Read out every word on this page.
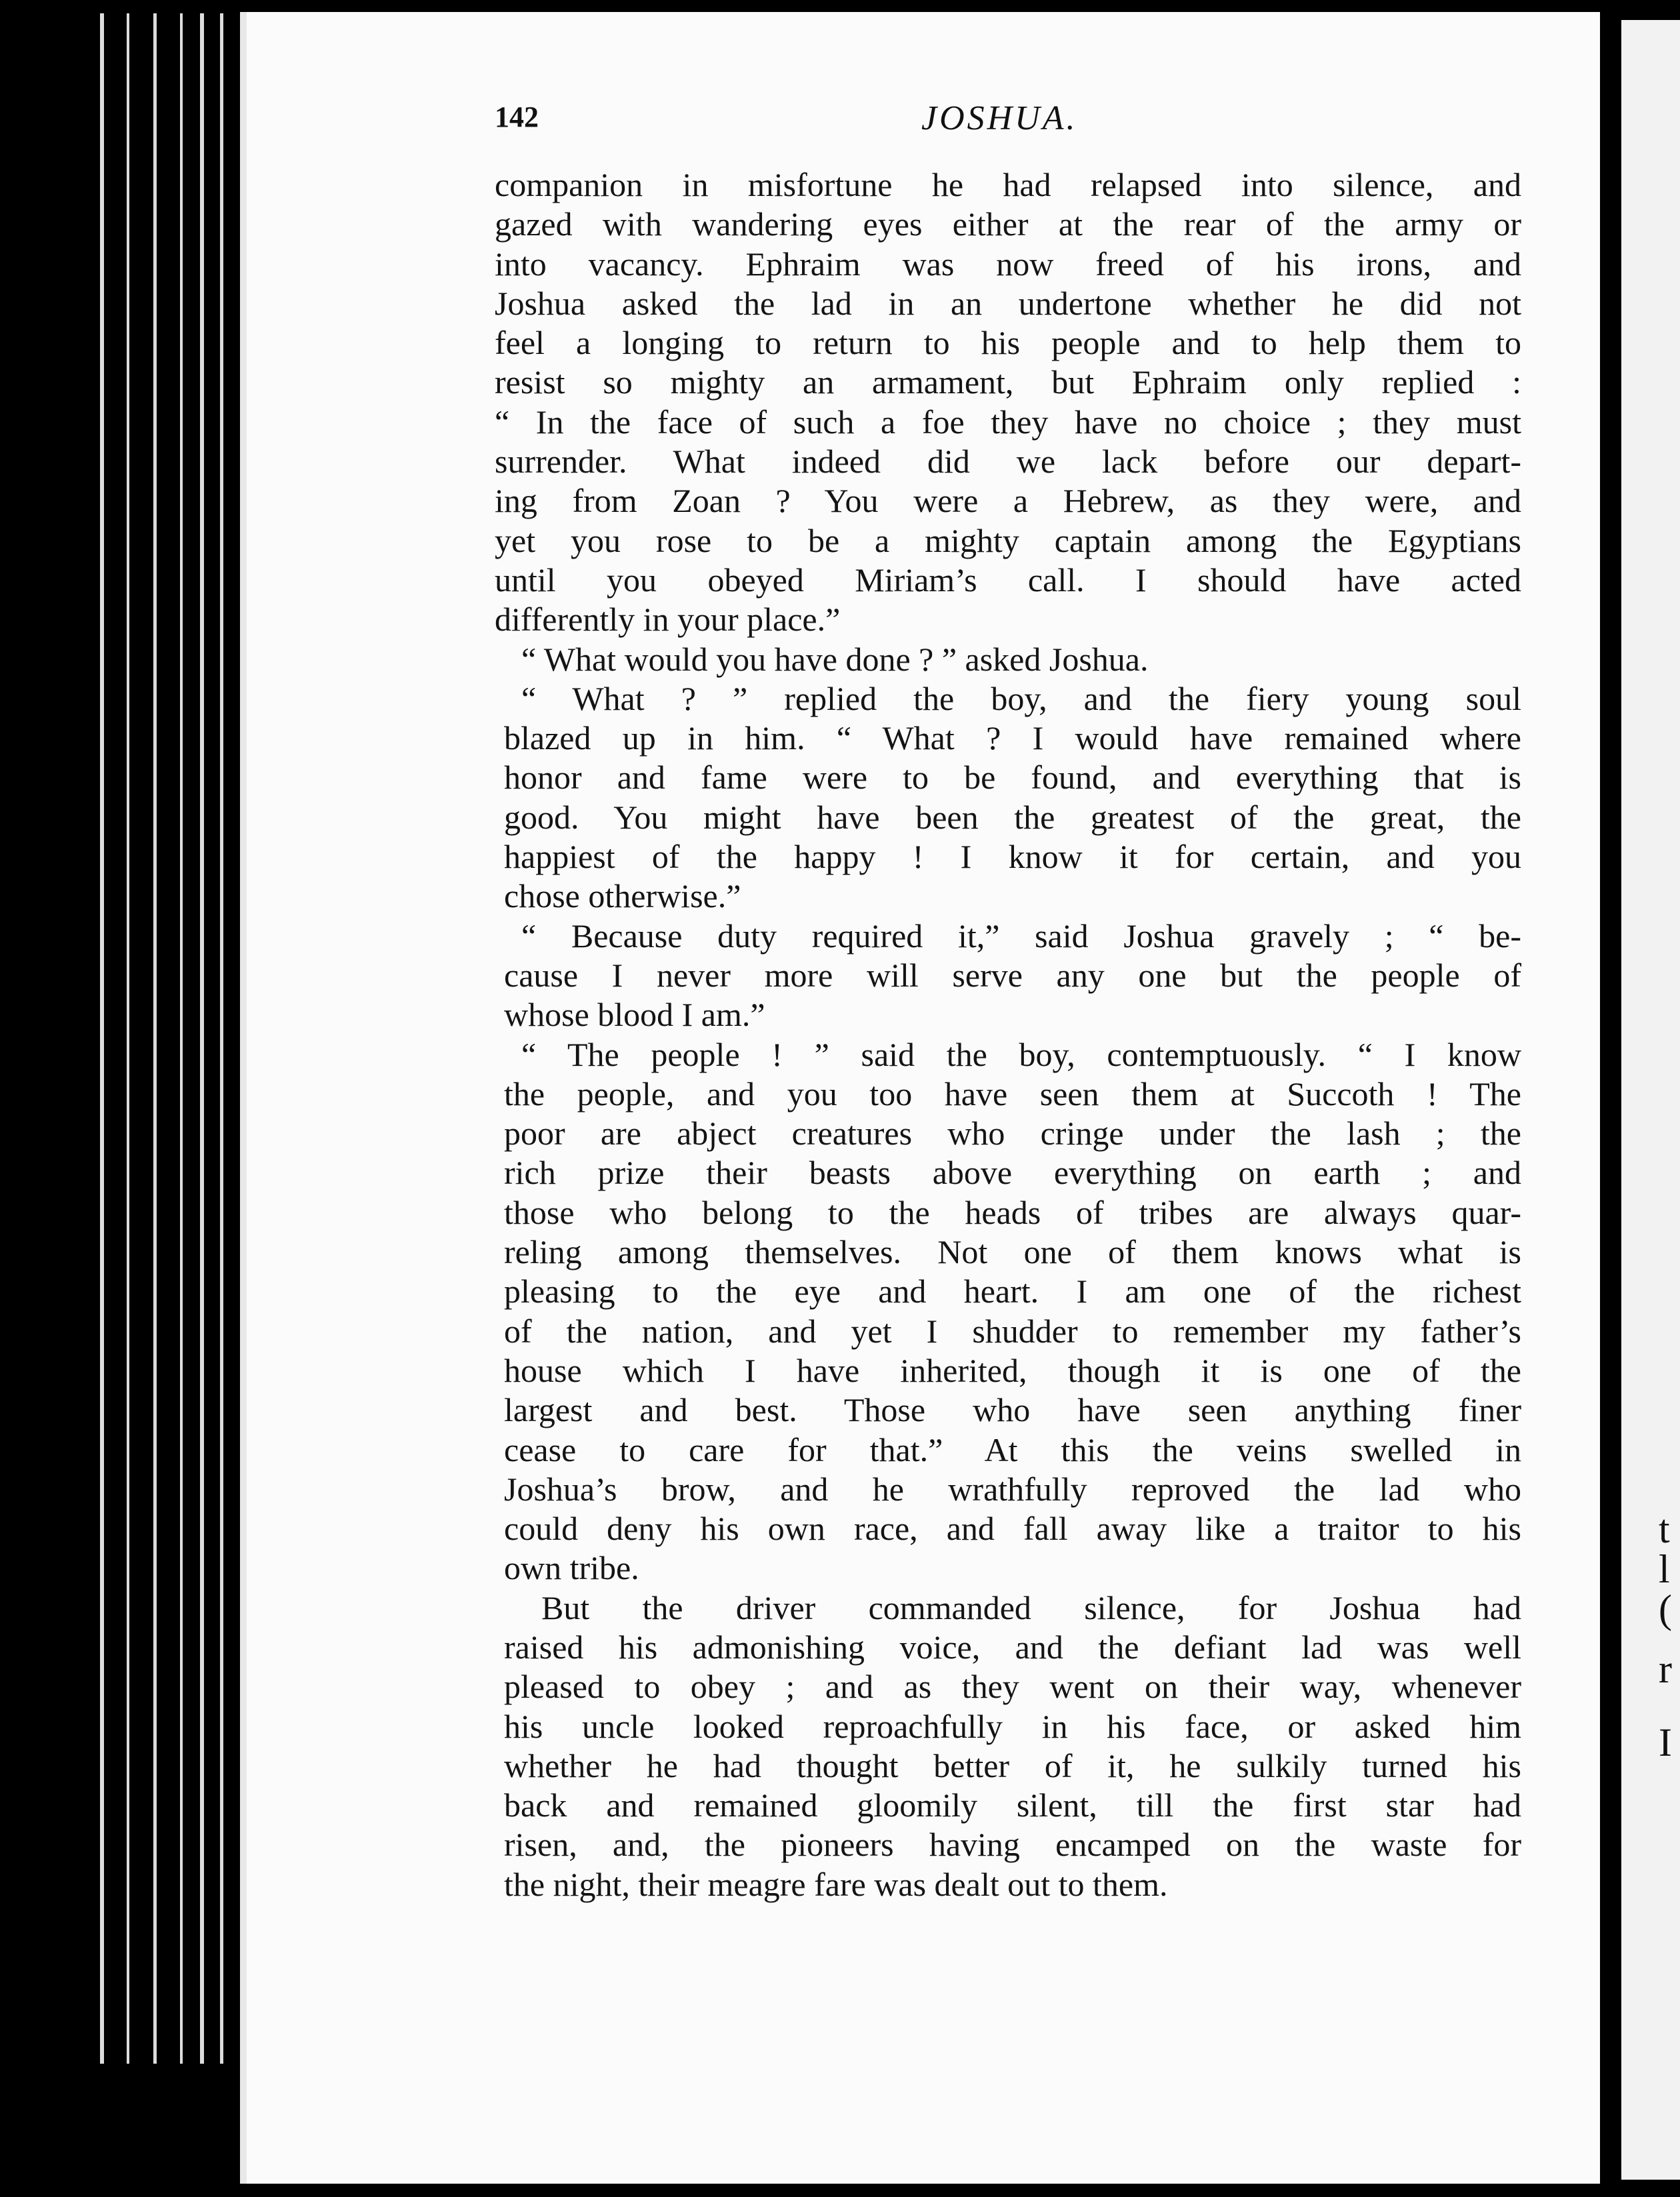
t
l
(
r
I
142	JOSHUA.
companion in misfortune he had relapsed into silence, and
gazed with wandering eyes either at the rear of the army or
into vacancy. Ephraim was now freed of his irons, and
Joshua asked the lad in an undertone whether he did not
feel a longing to return to his people and to help them to
resist so mighty an armament, but Ephraim only replied :
“ In the face of such a foe they have no choice ; they must
surrender. What indeed did we lack before our depart-
ing from Zoan ? You were a Hebrew, as they were, and
yet you rose to be a mighty captain among the Egyptians
until you obeyed Miriam’s call. I should have acted
differently in your place.”
“ What would you have done ? ” asked Joshua.
“ What ? ” replied the boy, and the fiery young soul
blazed up in him. “ What ? I would have remained where
honor and fame were to be found, and everything that is
good. You might have been the greatest of the great, the
happiest of the happy ! I know it for certain, and you
chose otherwise.”
“ Because duty required it,” said Joshua gravely ; “ be-
cause I never more will serve any one but the people of
whose blood I am.”
“ The people ! ” said the boy, contemptuously. “ I know
the people, and you too have seen them at Succoth ! The
poor are abject creatures who cringe under the lash ; the
rich prize their beasts above everything on earth ; and
those who belong to the heads of tribes are always quar-
reling among themselves. Not one of them knows what is
pleasing to the eye and heart. I am one of the richest
of the nation, and yet I shudder to remember my father’s
house which I have inherited, though it is one of the
largest and best. Those who have seen anything finer
cease to care for that.” At this the veins swelled in
Joshua’s brow, and he wrathfully reproved the lad who
could deny his own race, and fall away like a traitor to his
own tribe.
But the driver commanded silence, for Joshua had
raised his admonishing voice, and the defiant lad was well
pleased to obey ; and as they went on their way, whenever
his uncle looked reproachfully in his face, or asked him
whether he had thought better of it, he sulkily turned his
back and remained gloomily silent, till the first star had
risen, and, the pioneers having encamped on the waste for
the night, their meagre fare was dealt out to them.
